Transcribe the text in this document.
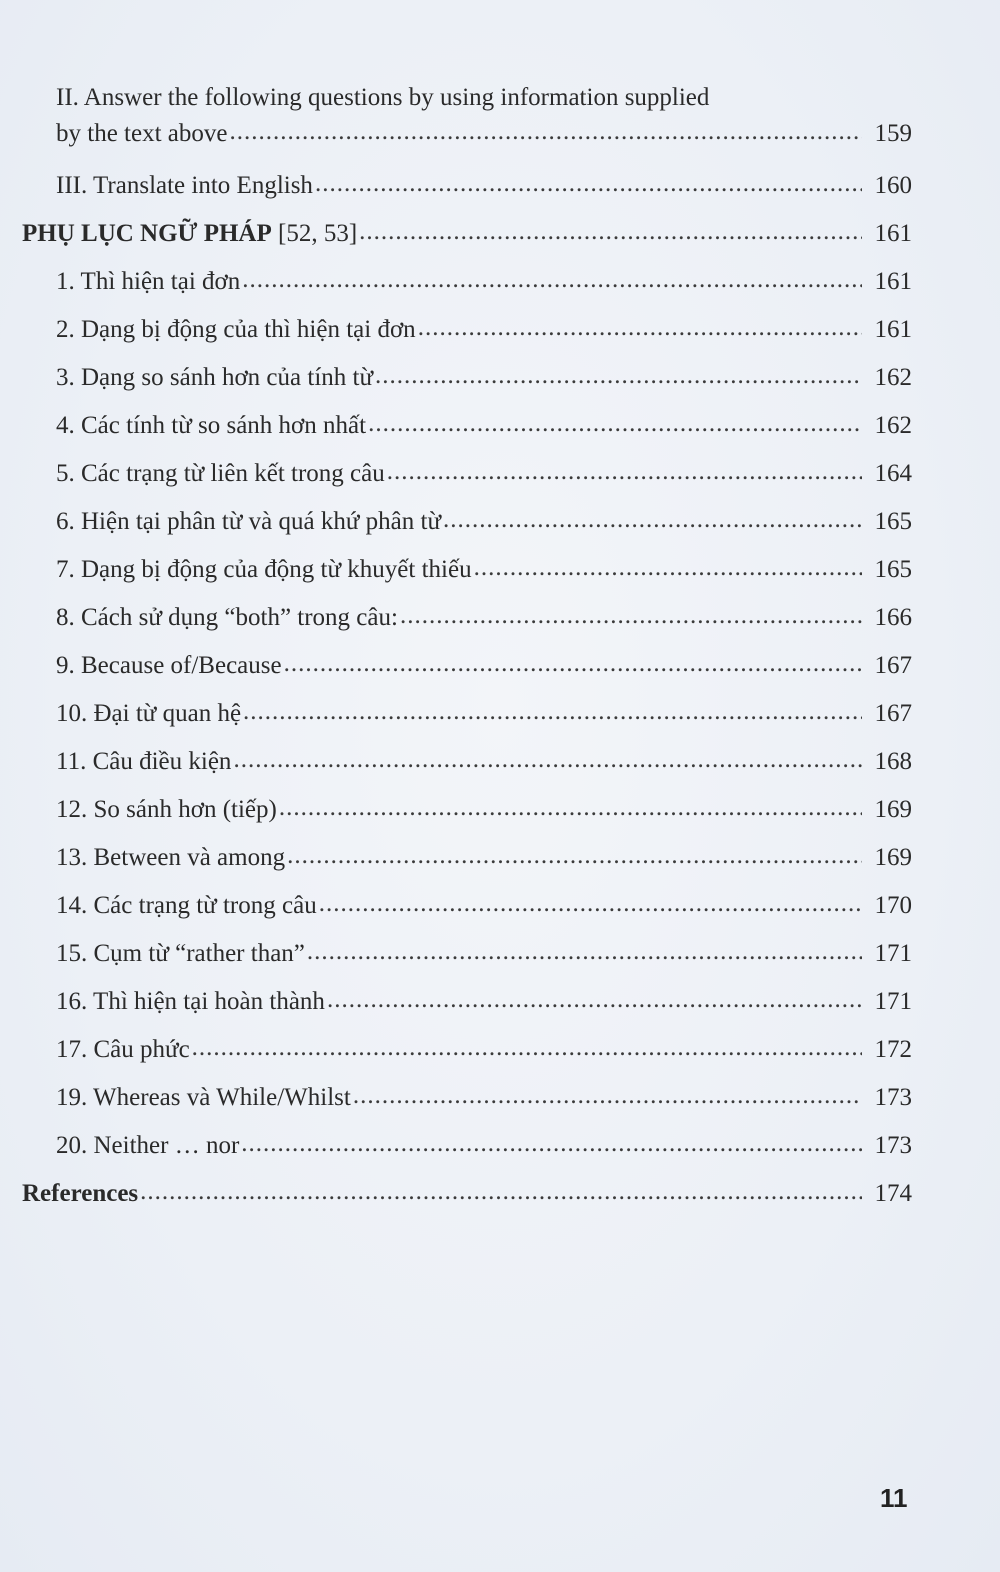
II. Answer the following questions by using information supplied
by the text above .....	159
III. Translate into English .....	160
PHỤ LỤC NGỮ PHÁP [52, 53] .....	161
1. Thì hiện tại đơn .....	161
2. Dạng bị động của thì hiện tại đơn .....	161
3. Dạng so sánh hơn của tính từ .....	162
4. Các tính từ so sánh hơn nhất .....	162
5. Các trạng từ liên kết trong câu .....	164
6. Hiện tại phân từ và quá khứ phân từ .....	165
7. Dạng bị động của động từ khuyết thiếu .....	165
8. Cách sử dụng “both” trong câu: .....	166
9. Because of/Because .....	167
10. Đại từ quan hệ .....	167
11. Câu điều kiện .....	168
12. So sánh hơn (tiếp) .....	169
13. Between và among .....	169
14. Các trạng từ trong câu .....	170
15. Cụm từ “rather than” .....	171
16. Thì hiện tại hoàn thành .....	171
17. Câu phức .....	172
19. Whereas và While/Whilst .....	173
20. Neither … nor .....	173
References .....	174
11
